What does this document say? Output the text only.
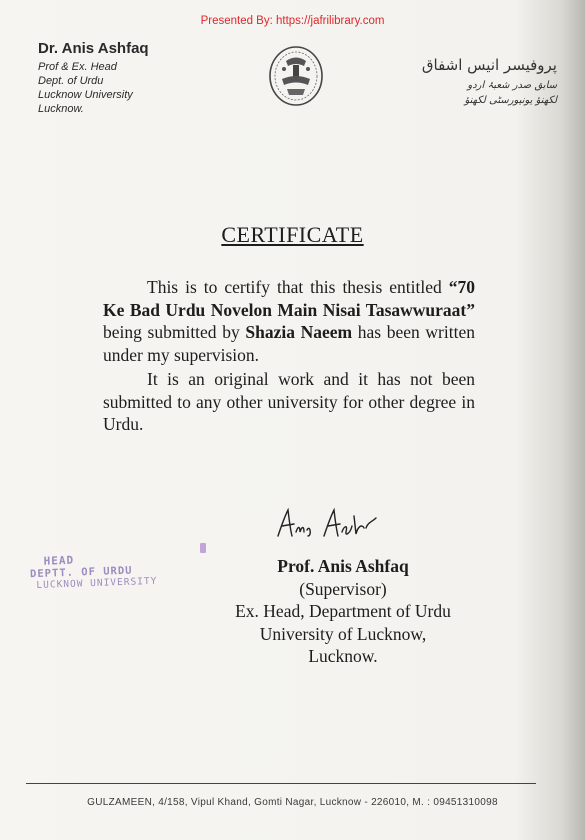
Presented By: https://jafrilibrary.com
Dr. Anis Ashfaq
Prof & Ex. Head
Dept. of Urdu
Lucknow University
Lucknow.
پروفیسر انیس اشفاق
سابق صدر شعبۂ اردو
لکھنؤ یونیورسٹی لکھنؤ
CERTIFICATE

This is to certify that this thesis entitled “70 Ke Bad Urdu Novelon Main Nisai Tasawwuraat” being submitted by Shazia Naeem has been written under my supervision.

It is an original work and it has not been submitted to any other university for other degree in Urdu.

Prof. Anis Ashfaq
(Supervisor)
Ex. Head, Department of Urdu
University of Lucknow,
Lucknow.
HEAD
DEPTT. OF URDU
LUCKNOW UNIVERSITY
GULZAMEEN, 4/158, Vipul Khand, Gomti Nagar, Lucknow - 226010, M. : 09451310098
